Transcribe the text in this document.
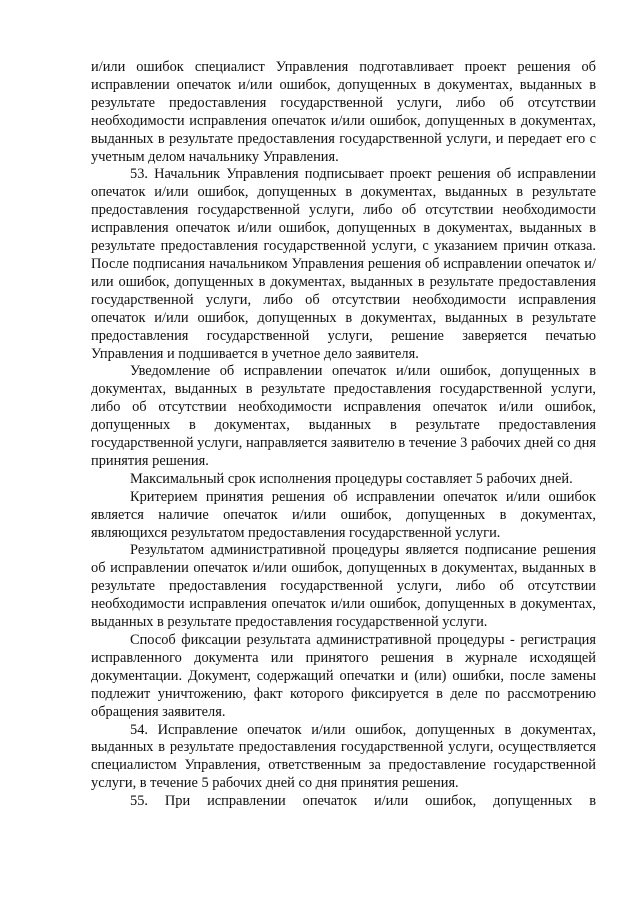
и/или ошибок специалист Управления подготавливает проект решения об исправлении опечаток и/или ошибок, допущенных в документах, выданных в результате предоставления государственной услуги, либо об отсутствии необходимости исправления опечаток и/или ошибок, допущенных в документах, выданных в результате предоставления государственной услуги, и передает его с учетным делом начальнику Управления.

53. Начальник Управления подписывает проект решения об исправлении опечаток и/или ошибок, допущенных в документах, выданных в результате предоставления государственной услуги, либо об отсутствии необходимости исправления опечаток и/или ошибок, допущенных в документах, выданных в результате предоставления государственной услуги, с указанием причин отказа. После подписания начальником Управления решения об исправлении опечаток и/или ошибок, допущенных в документах, выданных в результате предоставления государственной услуги, либо об отсутствии необходимости исправления опечаток и/или ошибок, допущенных в документах, выданных в результате предоставления государственной услуги, решение заверяется печатью Управления и подшивается в учетное дело заявителя.

Уведомление об исправлении опечаток и/или ошибок, допущенных в документах, выданных в результате предоставления государственной услуги, либо об отсутствии необходимости исправления опечаток и/или ошибок, допущенных в документах, выданных в результате предоставления государственной услуги, направляется заявителю в течение 3 рабочих дней со дня принятия решения.

Максимальный срок исполнения процедуры составляет 5 рабочих дней.

Критерием принятия решения об исправлении опечаток и/или ошибок является наличие опечаток и/или ошибок, допущенных в документах, являющихся результатом предоставления государственной услуги.

Результатом административной процедуры является подписание решения об исправлении опечаток и/или ошибок, допущенных в документах, выданных в результате предоставления государственной услуги, либо об отсутствии необходимости исправления опечаток и/или ошибок, допущенных в документах, выданных в результате предоставления государственной услуги.

Способ фиксации результата административной процедуры - регистрация исправленного документа или принятого решения в журнале исходящей документации. Документ, содержащий опечатки и (или) ошибки, после замены подлежит уничтожению, факт которого фиксируется в деле по рассмотрению обращения заявителя.

54. Исправление опечаток и/или ошибок, допущенных в документах, выданных в результате предоставления государственной услуги, осуществляется специалистом Управления, ответственным за предоставление государственной услуги, в течение 5 рабочих дней со дня принятия решения.

55. При исправлении опечаток и/или ошибок, допущенных в
